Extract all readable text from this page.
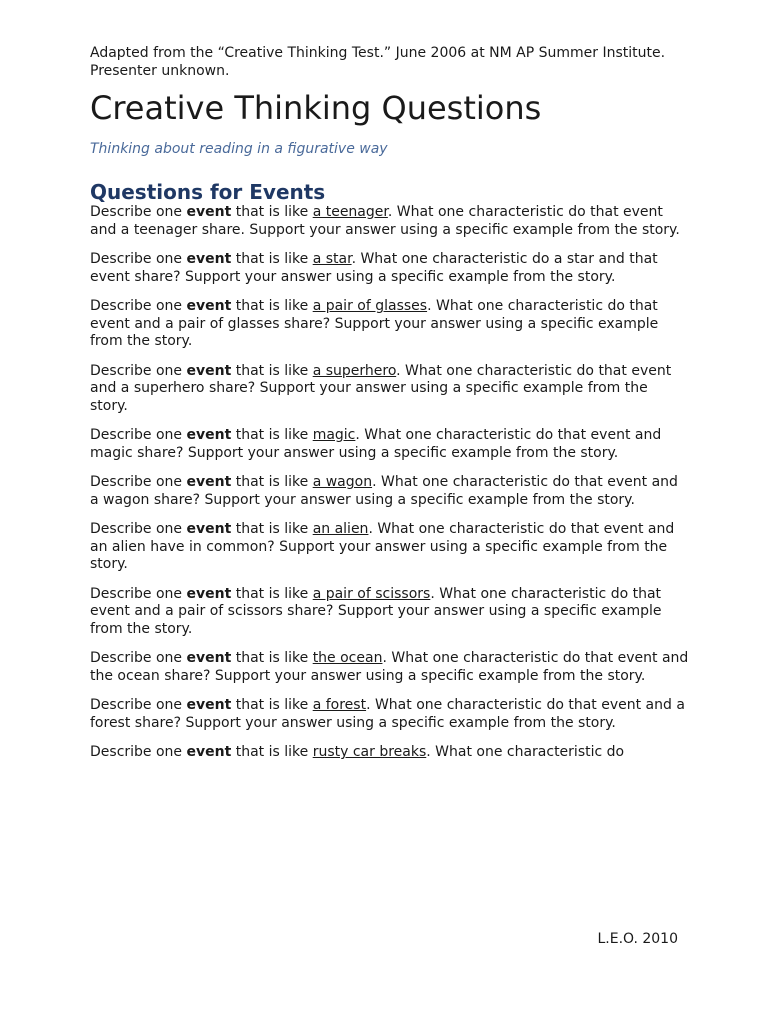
Adapted from the “Creative Thinking Test.” June 2006 at NM AP Summer Institute. Presenter unknown.

Creative Thinking Questions

Thinking about reading in a figurative way

Questions for Events

Describe one event that is like a teenager. What one characteristic do that event and a teenager share. Support your answer using a specific example from the story.

Describe one event that is like a star. What one characteristic do a star and that event share? Support your answer using a specific example from the story.

Describe one event that is like a pair of glasses. What one characteristic do that event and a pair of glasses share? Support your answer using a specific example from the story.

Describe one event that is like a superhero. What one characteristic do that event and a superhero share? Support your answer using a specific example from the story.

Describe one event that is like magic. What one characteristic do that event and magic share? Support your answer using a specific example from the story.

Describe one event that is like a wagon. What one characteristic do that event and a wagon share? Support your answer using a specific example from the story.

Describe one event that is like an alien. What one characteristic do that event and an alien have in common? Support your answer using a specific example from the story.

Describe one event that is like a pair of scissors. What one characteristic do that event and a pair of scissors share? Support your answer using a specific example from the story.

Describe one event that is like the ocean. What one characteristic do that event and the ocean share? Support your answer using a specific example from the story.

Describe one event that is like a forest. What one characteristic do that event and a forest share? Support your answer using a specific example from the story.

Describe one event that is like rusty car breaks. What one characteristic do

L.E.O. 2010
